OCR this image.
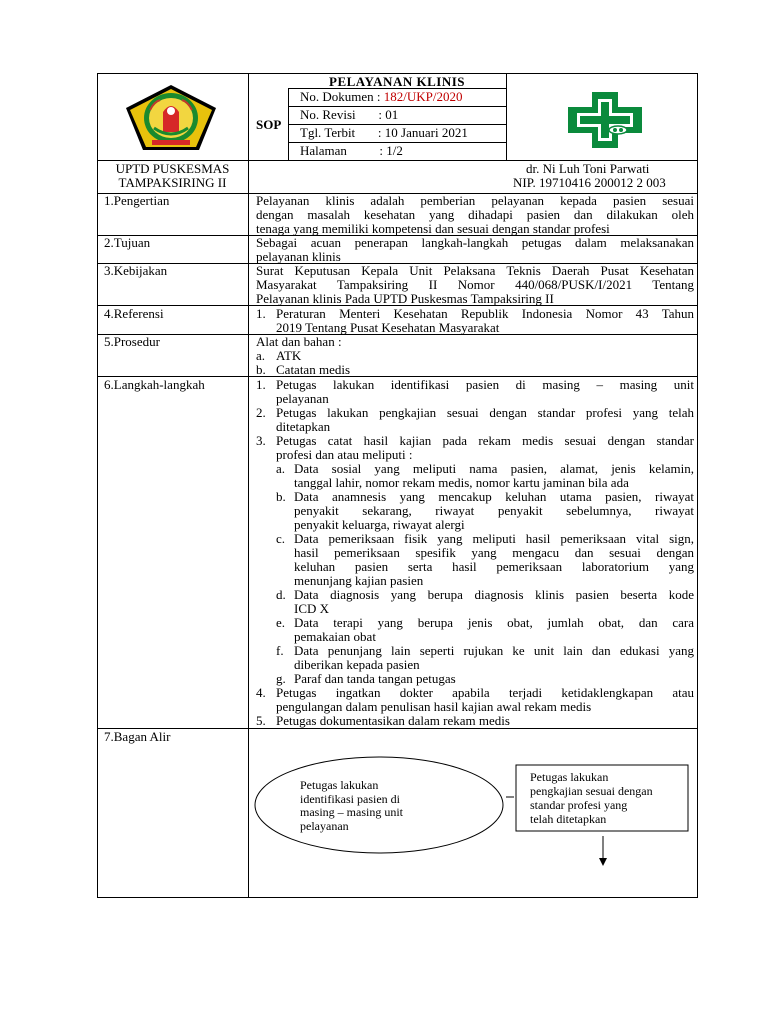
PELAYANAN KLINIS
SOP
No. Dokumen : 182/UKP/2020
No. Revisi       : 01
Tgl. Terbit       : 10 Januari 2021
Halaman          : 1/2
UPTD PUSKESMAS
TAMPAKSIRING II
dr. Ni Luh Toni Parwati
NIP. 19710416 200012 2 003
1.Pengertian	Pelayanan klinis adalah pemberian pelayanan kepada pasien sesuai
dengan masalah kesehatan yang dihadapi pasien dan dilakukan oleh
tenaga yang memiliki kompetensi dan sesuai dengan standar profesi
2.Tujuan	Sebagai acuan penerapan langkah-langkah petugas dalam melaksanakan
pelayanan klinis
3.Kebijakan	Surat Keputusan Kepala Unit Pelaksana Teknis Daerah Pusat Kesehatan
Masyarakat Tampaksiring II Nomor 440/068/PUSK/I/2021 Tentang
Pelayanan klinis Pada UPTD Puskesmas Tampaksiring II
4.Referensi	1. Peraturan Menteri Kesehatan Republik Indonesia Nomor 43 Tahun
2019 Tentang Pusat Kesehatan Masyarakat
5.Prosedur	Alat dan bahan :
a. ATK
b. Catatan medis
6.Langkah-langkah	1. Petugas lakukan identifikasi pasien di masing – masing unit
pelayanan
2. Petugas lakukan pengkajian sesuai dengan standar profesi yang telah
ditetapkan
3. Petugas catat hasil kajian pada rekam medis sesuai dengan standar
profesi dan atau meliputi :
a. Data sosial yang meliputi nama pasien, alamat, jenis kelamin,
tanggal lahir, nomor rekam medis, nomor kartu jaminan bila ada
b. Data anamnesis yang mencakup keluhan utama pasien, riwayat
penyakit sekarang, riwayat penyakit sebelumnya, riwayat
penyakit keluarga, riwayat alergi
c. Data pemeriksaan fisik yang meliputi hasil pemeriksaan vital sign,
hasil pemeriksaan spesifik yang mengacu dan sesuai dengan
keluhan pasien serta hasil pemeriksaan laboratorium yang
menunjang kajian pasien
d. Data diagnosis yang berupa diagnosis klinis pasien beserta kode
ICD X
e. Data terapi yang berupa jenis obat, jumlah obat, dan cara
pemakaian obat
f. Data penunjang lain seperti rujukan ke unit lain dan edukasi yang
diberikan kepada pasien
g. Paraf dan tanda tangan petugas
4. Petugas ingatkan dokter apabila terjadi ketidaklengkapan atau
pengulangan dalam penulisan hasil kajian awal rekam medis
5. Petugas dokumentasikan dalam rekam medis
7.Bagan Alir
Petugas lakukan
identifikasi pasien di
masing – masing unit
pelayanan
Petugas lakukan
pengkajian sesuai dengan
standar profesi yang
telah ditetapkan
